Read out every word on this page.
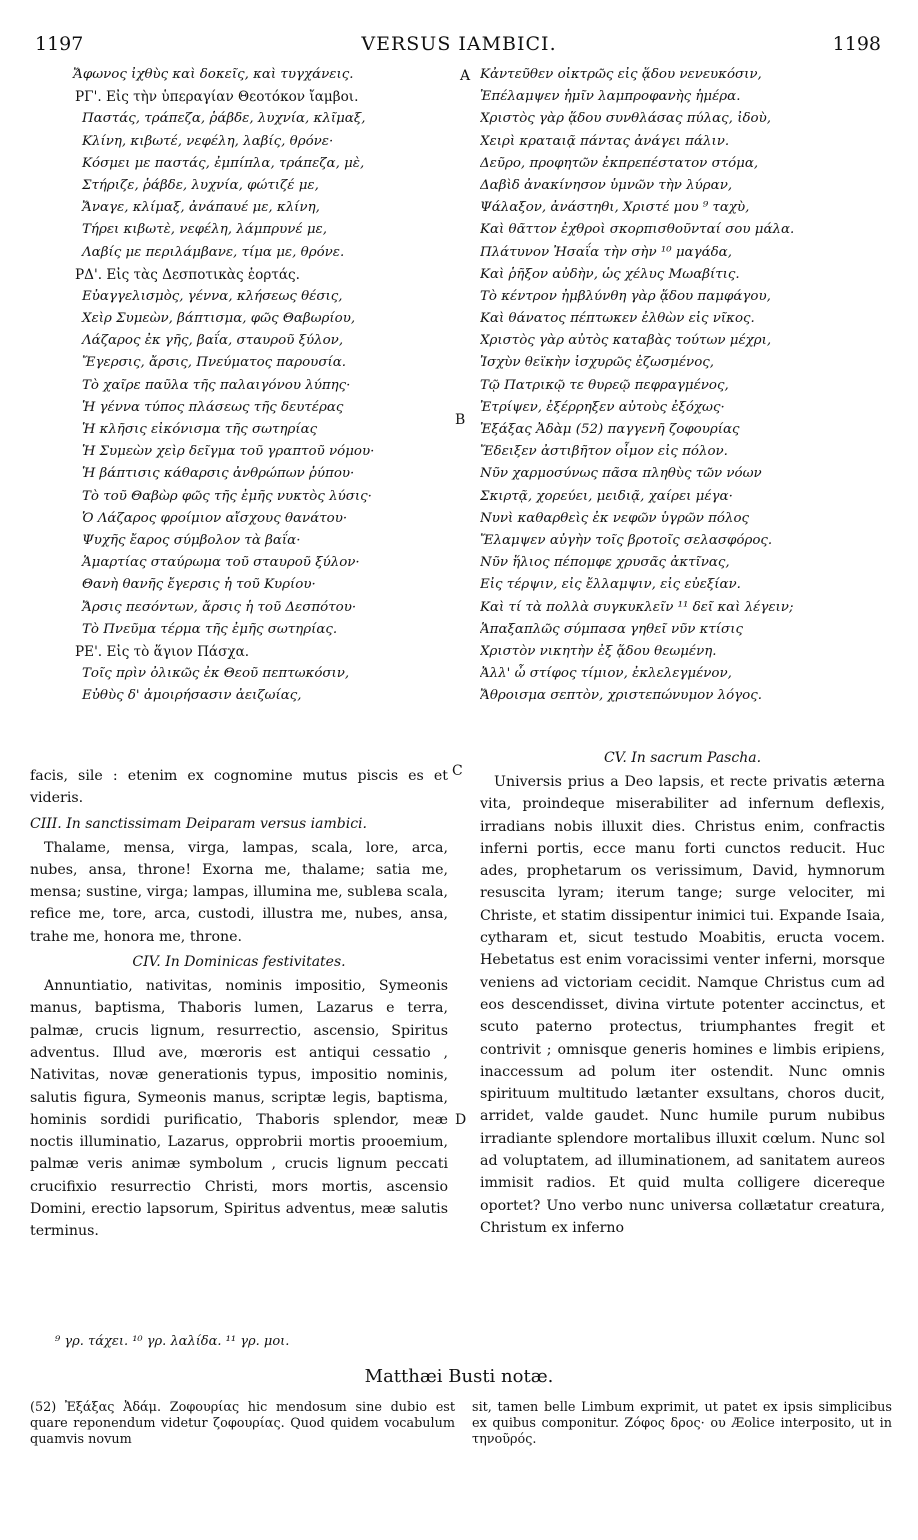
1197	VERSUS IAMBICI.	1198
A
B
C
D
Ἄφωνος ἰχθὺς καὶ δοκεῖς, καὶ τυγχάνεις.
ΡΓ'. Εἰς τὴν ὑπεραγίαν Θεοτόκον ἴαμβοι.
Παστάς, τράπεζα, ῥάβδε, λυχνία, κλῖμαξ,
Κλίνη, κιβωτέ, νεφέλη, λαβίς, θρόνε·
Κόσμει με παστάς, ἐμπίπλα, τράπεζα, μὲ,
Στήριζε, ῥάβδε, λυχνία, φώτιζέ με,
Ἄναγε, κλίμαξ, ἀνάπαυέ με, κλίνη,
Τήρει κιβωτὲ, νεφέλη, λάμπρυνέ με,
Λαβίς με περιλάμβανε, τίμα με, θρόνε.
ΡΔ'. Εἰς τὰς Δεσποτικὰς ἑορτάς.
Εὐαγγελισμὸς, γέννα, κλήσεως θέσις,
Χεὶρ Συμεὼν, βάπτισμα, φῶς Θαβωρίου,
Λάζαρος ἐκ γῆς, βαΐα, σταυροῦ ξύλον,
Ἔγερσις, ἄρσις, Πνεύματος παρουσία.
Τὸ χαῖρε παῦλα τῆς παλαιγόνου λύπης·
Ἡ γέννα τύπος πλάσεως τῆς δευτέρας
Ἡ κλῆσις εἰκόνισμα τῆς σωτηρίας
Ἡ Συμεὼν χεὶρ δεῖγμα τοῦ γραπτοῦ νόμου·
Ἡ βάπτισις κάθαρσις ἀνθρώπων ῥύπου·
Τὸ τοῦ Θαβὼρ φῶς τῆς ἐμῆς νυκτὸς λύσις·
Ὁ Λάζαρος φροίμιον αἴσχους θανάτου·
Ψυχῆς ἔαρος σύμβολον τὰ βαΐα·
Ἁμαρτίας σταύρωμα τοῦ σταυροῦ ξύλον·
Θανὴ θανῆς ἔγερσις ἡ τοῦ Κυρίου·
Ἄρσις πεσόντων, ἄρσις ἡ τοῦ Δεσπότου·
Τὸ Πνεῦμα τέρμα τῆς ἐμῆς σωτηρίας.
ΡΕ'. Εἰς τὸ ἅγιον Πάσχα.
Τοῖς πρὶν ὀλικῶς ἐκ Θεοῦ πεπτωκόσιν,
Εὐθὺς δ' ἀμοιρήσασιν ἀειζωίας,
Κἀντεῦθεν οἰκτρῶς εἰς ᾅδου νενευκόσιν,
Ἐπέλαμψεν ἡμῖν λαμπροφανὴς ἡμέρα.
Χριστὸς γὰρ ᾅδου συνθλάσας πύλας, ἰδοὺ,
Χειρὶ κραταιᾷ πάντας ἀνάγει πάλιν.
Δεῦρο, προφητῶν ἐκπρεπέστατον στόμα,
Δαβὶδ ἀνακίνησον ὑμνῶν τὴν λύραν,
Ψάλαξον, ἀνάστηθι, Χριστέ μου ⁹ ταχὺ,
Καὶ θᾶττον ἐχθροὶ σκορπισθοῦνταί σου μάλα.
Πλάτυνον Ἠσαΐα τὴν σὴν ¹⁰ μαγάδα,
Καὶ ῥῆξον αὐδὴν, ὡς χέλυς Μωαβίτις.
Τὸ κέντρον ἠμβλύνθη γὰρ ᾅδου παμφάγου,
Καὶ θάνατος πέπτωκεν ἐλθὼν εἰς νῖκος.
Χριστὸς γὰρ αὐτὸς καταβὰς τούτων μέχρι,
Ἰσχὺν θεϊκὴν ἰσχυρῶς ἐζωσμένος,
Τῷ Πατρικῷ τε θυρεῷ πεφραγμένος,
Ἐτρίψεν, ἐξέρρηξεν αὐτοὺς ἐξόχως·
Ἐξάξας Ἀδὰμ (52) παγγενῆ ζοφουρίας
Ἔδειξεν ἀστιβῆτον οἶμον εἰς πόλον.
Νῦν χαρμοσύνως πᾶσα πληθὺς τῶν νόων
Σκιρτᾷ, χορεύει, μειδιᾷ, χαίρει μέγα·
Νυνὶ καθαρθεὶς ἐκ νεφῶν ὑγρῶν πόλος
Ἔλαμψεν αὐγὴν τοῖς βροτοῖς σελασφόρος.
Νῦν ἥλιος πέπομφε χρυσᾶς ἀκτῖνας,
Εἰς τέρψιν, εἰς ἔλλαμψιν, εἰς εὐεξίαν.
Καὶ τί τὰ πολλὰ συγκυκλεῖν ¹¹ δεῖ καὶ λέγειν;
Ἁπαξαπλῶς σύμπασα γηθεῖ νῦν κτίσις
Χριστὸν νικητὴν ἐξ ᾅδου θεωμένη.
Ἀλλ' ὦ στίφος τίμιον, ἐκλελεγμένον,
Ἄθροισμα σεπτὸν, χριστεπώνυμον λόγος.

facis, sile : etenim ex cognomine mutus piscis es et videris.

CIII. In sanctissimam Deiparam versus iambici.

Thalame, mensa, virga, lampas, scala, lore, arca, nubes, ansa, throne! Exorna me, thalame; satia me, mensa; sustine, virga; lampas, illumina me, sublева scala, refice me, tore, arca, custodi, illustra me, nubes, ansa, trahe me, honora me, throne.

CIV. In Dominicas festivitates.

Annuntiatio, nativitas, nominis impositio, Symeonis manus, baptisma, Thaboris lumen, Lazarus e terra, palmæ, crucis lignum, resurrectio, ascensio, Spiritus adventus. Illud ave, mœroris est antiqui cessatio , Nativitas, novæ generationis typus, impositio nominis, salutis figura, Symeonis manus, scriptæ legis, baptisma, hominis sordidi purificatio, Thaboris splendor, meæ noctis illuminatio, Lazarus, opprobrii mortis prooemium, palmæ veris animæ symbolum , crucis lignum peccati crucifixio resurrectio Christi, mors mortis, ascensio Domini, erectio lapsorum, Spiritus adventus, meæ salutis terminus.

CV. In sacrum Pascha.

Universis prius a Deo lapsis, et recte privatis æterna vita, proindeque miserabiliter ad infernum deflexis, irradians nobis illuxit dies. Christus enim, confractis inferni portis, ecce manu forti cunctos reducit. Huc ades, prophetarum os verissimum, David, hymnorum resuscita lyram; iterum tange; surge velociter, mi Christe, et statim dissipentur inimici tui. Expande Isaia, cytharam et, sicut testudo Moabitis, eructa vocem. Hebetatus est enim voracissimi venter inferni, morsque veniens ad victoriam cecidit. Namque Christus cum ad eos descendisset, divina virtute potenter accinctus, et scuto paterno protectus, triumphantes fregit et contrivit ; omnisque generis homines e limbis eripiens, inaccessum ad polum iter ostendit. Nunc omnis spirituum multitudo lætanter exsultans, choros ducit, arridet, valde gaudet. Nunc humile purum nubibus irradiante splendore mortalibus illuxit cœlum. Nunc sol ad voluptatem, ad illuminationem, ad sanitatem aureos immisit radios. Et quid multa colligere dicereque oportet? Uno verbo nunc universa collætatur creatura, Christum ex inferno

⁹ γρ. τάχει. ¹⁰ γρ. λαλίδα. ¹¹ γρ. μοι.
Matthæi Busti notæ.
(52) Ἐξάξας Ἀδάμ. Ζοφουρίας hic mendosum sine dubio est quare reponendum videtur ζοφουρίας. Quod quidem vocabulum quamvis novum
sit, tamen belle Limbum exprimit, ut patet ex ipsis simplicibus ex quibus componitur. Ζόφος δρος· ου Æolice interposito, ut in τηνοῦρός.
